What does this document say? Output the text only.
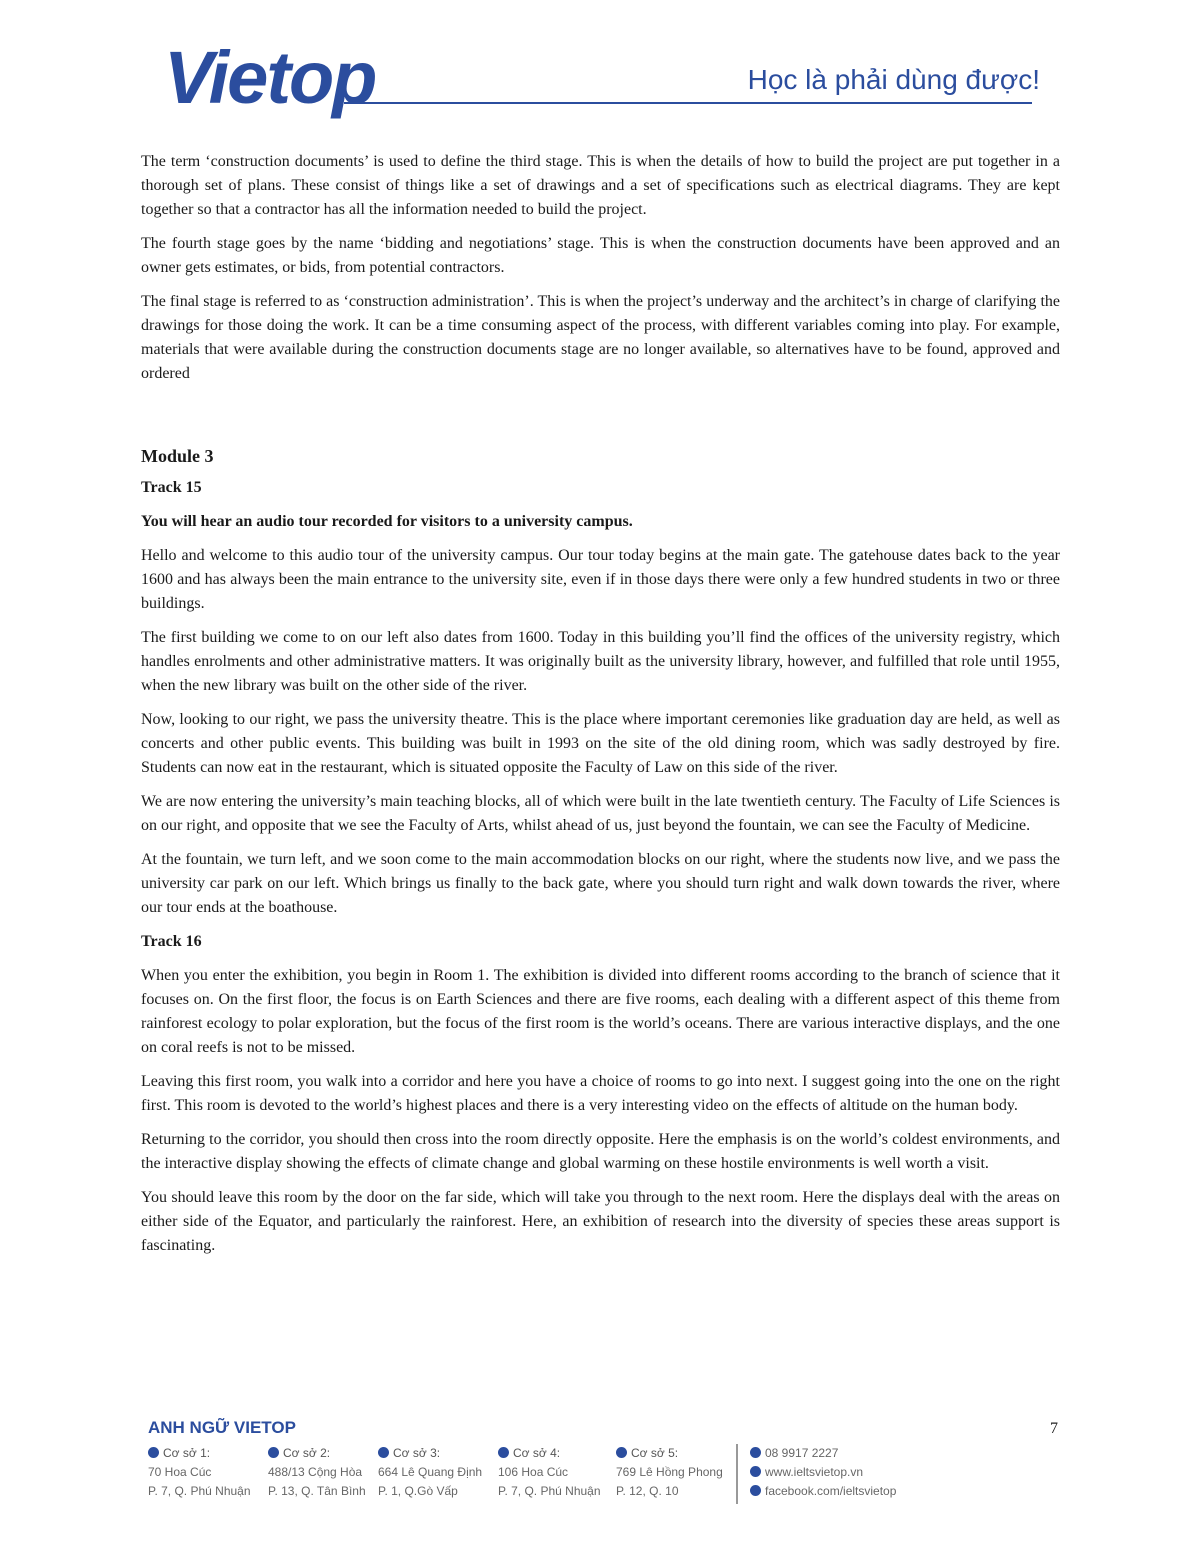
Vietop	Học là phải dùng được!

The term ‘construction documents’ is used to define the third stage. This is when the details of how to build the project are put together in a thorough set of plans. These consist of things like a set of drawings and a set of specifications such as electrical diagrams. They are kept together so that a contractor has all the information needed to build the project.

The fourth stage goes by the name ‘bidding and negotiations’ stage. This is when the construction documents have been approved and an owner gets estimates, or bids, from potential contractors.

The final stage is referred to as ‘construction administration’. This is when the project’s underway and the architect’s in charge of clarifying the drawings for those doing the work. It can be a time consuming aspect of the process, with different variables coming into play. For example, materials that were available during the construction documents stage are no longer available, so alternatives have to be found, approved and ordered

Module 3
Track 15
You will hear an audio tour recorded for visitors to a university campus.

Hello and welcome to this audio tour of the university campus. Our tour today begins at the main gate. The gatehouse dates back to the year 1600 and has always been the main entrance to the university site, even if in those days there were only a few hundred students in two or three buildings.

The first building we come to on our left also dates from 1600. Today in this building you’ll find the offices of the university registry, which handles enrolments and other administrative matters. It was originally built as the university library, however, and fulfilled that role until 1955, when the new library was built on the other side of the river.

Now, looking to our right, we pass the university theatre. This is the place where important ceremonies like graduation day are held, as well as concerts and other public events. This building was built in 1993 on the site of the old dining room, which was sadly destroyed by fire. Students can now eat in the restaurant, which is situated opposite the Faculty of Law on this side of the river.

We are now entering the university’s main teaching blocks, all of which were built in the late twentieth century. The Faculty of Life Sciences is on our right, and opposite that we see the Faculty of Arts, whilst ahead of us, just beyond the fountain, we can see the Faculty of Medicine.

At the fountain, we turn left, and we soon come to the main accommodation blocks on our right, where the students now live, and we pass the university car park on our left. Which brings us finally to the back gate, where you should turn right and walk down towards the river, where our tour ends at the boathouse.

Track 16

When you enter the exhibition, you begin in Room 1. The exhibition is divided into different rooms according to the branch of science that it focuses on. On the first floor, the focus is on Earth Sciences and there are five rooms, each dealing with a different aspect of this theme from rainforest ecology to polar exploration, but the focus of the first room is the world’s oceans. There are various interactive displays, and the one on coral reefs is not to be missed.

Leaving this first room, you walk into a corridor and here you have a choice of rooms to go into next. I suggest going into the one on the right first. This room is devoted to the world’s highest places and there is a very interesting video on the effects of altitude on the human body.

Returning to the corridor, you should then cross into the room directly opposite. Here the emphasis is on the world’s coldest environments, and the interactive display showing the effects of climate change and global warming on these hostile environments is well worth a visit.

You should leave this room by the door on the far side, which will take you through to the next room. Here the displays deal with the areas on either side of the Equator, and particularly the rainforest. Here, an exhibition of research into the diversity of species these areas support is fascinating.

ANH NGỮ VIETOP	7
Cơ sở 1:
70 Hoa Cúc
P. 7, Q. Phú Nhuận
Cơ sở 2:
488/13 Cộng Hòa
P. 13, Q. Tân Bình
Cơ sở 3:
664 Lê Quang Định
P. 1, Q.Gò Vấp
Cơ sở 4:
106 Hoa Cúc
P. 7, Q. Phú Nhuận
Cơ sở 5:
769 Lê Hồng Phong
P. 12, Q. 10
08 9917 2227
www.ieltsvietop.vn
facebook.com/ieltsvietop
